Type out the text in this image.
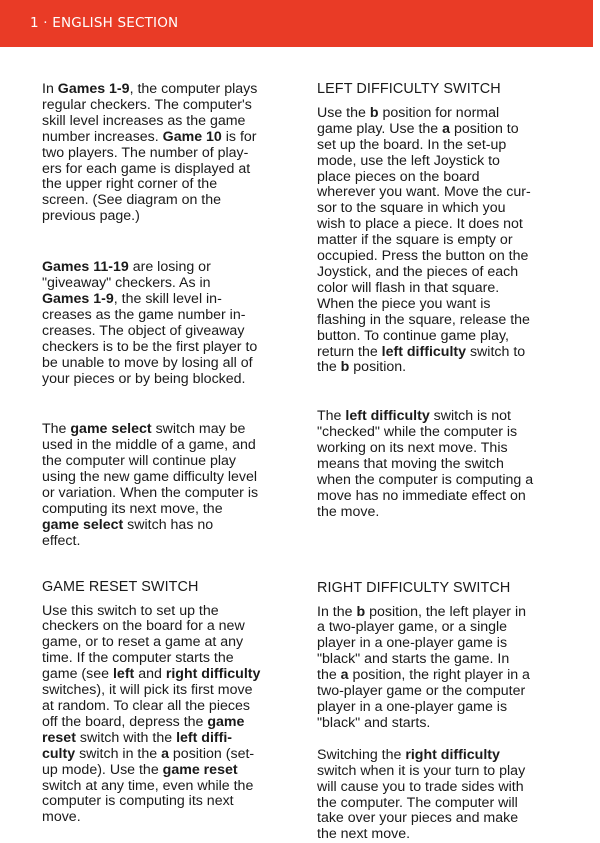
1 · ENGLISH SECTION

In Games 1-9, the computer plays
regular checkers. The computer's
skill level increases as the game
number increases. Game 10 is for
two players. The number of play-
ers for each game is displayed at
the upper right corner of the
screen. (See diagram on the
previous page.)

Games 11-19 are losing or
"giveaway" checkers. As in
Games 1-9, the skill level in-
creases as the game number in-
creases. The object of giveaway
checkers is to be the first player to
be unable to move by losing all of
your pieces or by being blocked.

The game select switch may be
used in the middle of a game, and
the computer will continue play
using the new game difficulty level
or variation. When the computer is
computing its next move, the
game select switch has no
effect.

GAME RESET SWITCH

Use this switch to set up the
checkers on the board for a new
game, or to reset a game at any
time. If the computer starts the
game (see left and right difficulty
switches), it will pick its first move
at random. To clear all the pieces
off the board, depress the game
reset switch with the left diffi-
culty switch in the a position (set-
up mode). Use the game reset
switch at any time, even while the
computer is computing its next
move.

LEFT DIFFICULTY SWITCH

Use the b position for normal
game play. Use the a position to
set up the board. In the set-up
mode, use the left Joystick to
place pieces on the board
wherever you want. Move the cur-
sor to the square in which you
wish to place a piece. It does not
matter if the square is empty or
occupied. Press the button on the
Joystick, and the pieces of each
color will flash in that square.
When the piece you want is
flashing in the square, release the
button. To continue game play,
return the left difficulty switch to
the b position.

The left difficulty switch is not
"checked" while the computer is
working on its next move. This
means that moving the switch
when the computer is computing a
move has no immediate effect on
the move.

RIGHT DIFFICULTY SWITCH

In the b position, the left player in
a two-player game, or a single
player in a one-player game is
"black" and starts the game. In
the a position, the right player in a
two-player game or the computer
player in a one-player game is
"black" and starts.

Switching the right difficulty
switch when it is your turn to play
will cause you to trade sides with
the computer. The computer will
take over your pieces and make
the next move.
